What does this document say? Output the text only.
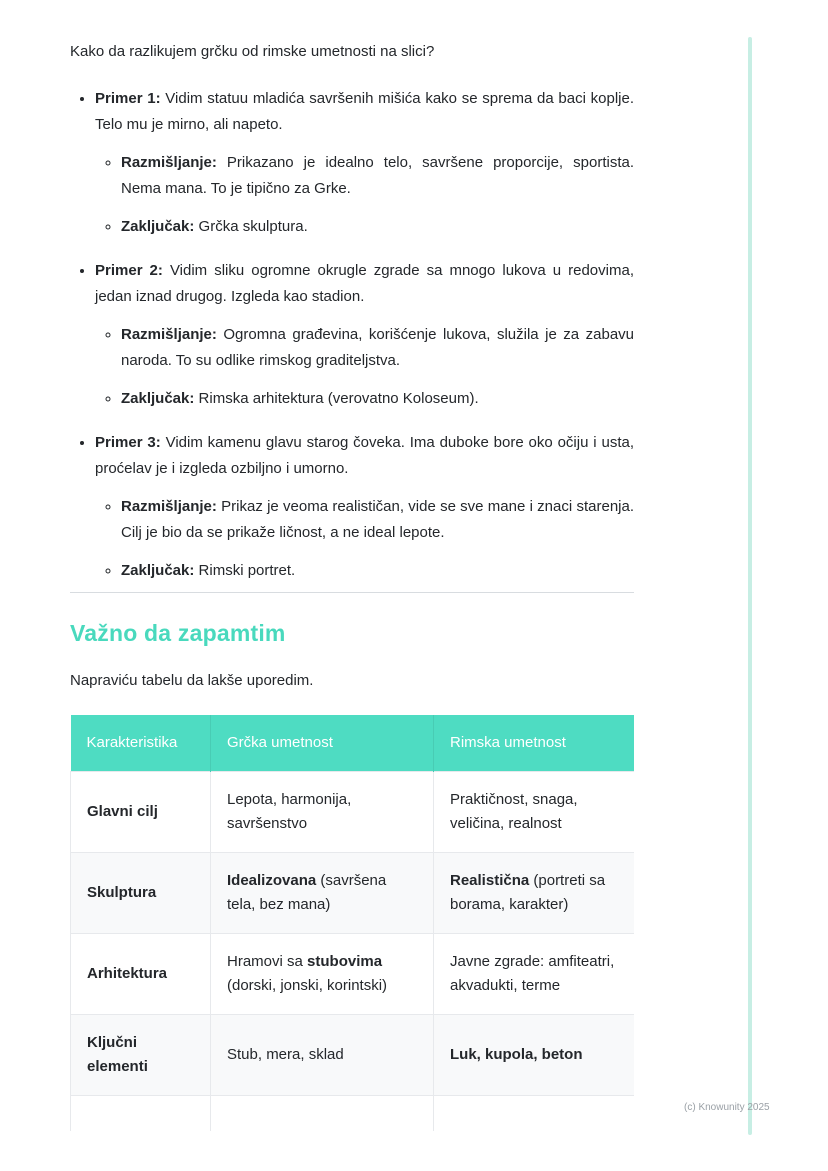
Kako da razlikujem grčku od rimske umetnosti na slici?

• Primer 1: Vidim statuu mladića savršenih mišića kako se sprema da baci koplje. Telo mu je mirno, ali napeto.

◦ Razmišljanje: Prikazano je idealno telo, savršene proporcije, sportista. Nema mana. To je tipično za Grke.

◦ Zaključak: Grčka skulptura.

• Primer 2: Vidim sliku ogromne okrugle zgrade sa mnogo lukova u redovima, jedan iznad drugog. Izgleda kao stadion.

◦ Razmišljanje: Ogromna građevina, korišćenje lukova, služila je za zabavu naroda. To su odlike rimskog graditeljstva.

◦ Zaključak: Rimska arhitektura (verovatno Koloseum).

• Primer 3: Vidim kamenu glavu starog čoveka. Ima duboke bore oko očiju i usta, proćelav je i izgleda ozbiljno i umorno.

◦ Razmišljanje: Prikaz je veoma realističan, vide se sve mane i znaci starenja. Cilj je bio da se prikaže ličnost, a ne ideal lepote.

◦ Zaključak: Rimski portret.

Važno da zapamtim

Napraviću tabelu da lakše uporedim.

Karakteristika	Grčka umetnost	Rimska umetnost
Glavni cilj	Lepota, harmonija, savršenstvo	Praktičnost, snaga, veličina, realnost
Skulptura	Idealizovana (savršena tela, bez mana)	Realistična (portreti sa borama, karakter)
Arhitektura	Hramovi sa stubovima (dorski, jonski, korintski)	Javne zgrade: amfiteatri, akvadukti, terme
Ključni elementi	Stub, mera, sklad	Luk, kupola, beton

(c) Knowunity 2025
